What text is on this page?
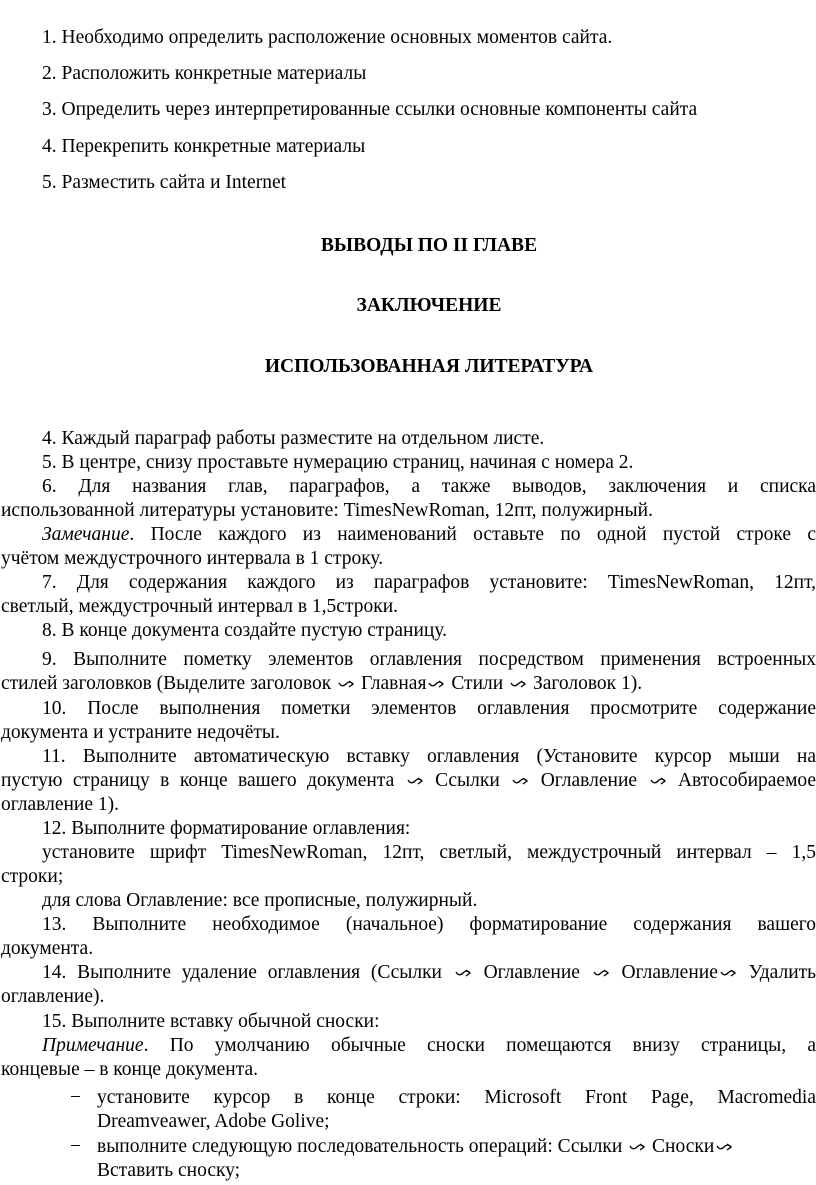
1. Необходимо определить расположение основных моментов сайта.
2. Расположить конкретные материалы
3. Определить через интерпретированные ссылки основные компоненты сайта
4. Перекрепить конкретные материалы
5. Разместить сайта и Internet
ВЫВОДЫ ПО II ГЛАВЕ
ЗАКЛЮЧЕНИЕ
ИСПОЛЬЗОВАННАЯ ЛИТЕРАТУРА
4. Каждый параграф работы разместите на отдельном листе.
5. В центре, снизу проставьте нумерацию страниц, начиная с номера 2.
6. Для названия глав, параграфов, а также выводов, заключения и списка
использованной литературы установите: TimesNewRoman, 12пт, полужирный.
Замечание. После каждого из наименований оставьте по одной пустой строке с
учётом междустрочного интервала в 1 строку.
7. Для содержания каждого из параграфов установите: TimesNewRoman, 12пт,
светлый, междустрочный интервал в 1,5строки.
8. В конце документа создайте пустую страницу.
9. Выполните пометку элементов оглавления посредством применения встроенных
стилей заголовков (Выделите заголовок Главная Стили Заголовок 1).
10. После выполнения пометки элементов оглавления просмотрите содержание
документа и устраните недочёты.
11. Выполните автоматическую вставку оглавления (Установите курсор мыши на
пустую страницу в конце вашего документа Ссылки Оглавление Автособираемое
оглавление 1).
12. Выполните форматирование оглавления:
установите шрифт TimesNewRoman, 12пт, светлый, междустрочный интервал – 1,5
строки;
для слова Оглавление: все прописные, полужирный.
13. Выполните необходимое (начальное) форматирование содержания вашего
документа.
14. Выполните удаление оглавления (Ссылки Оглавление Оглавление Удалить
оглавление).
15. Выполните вставку обычной сноски:
Примечание. По умолчанию обычные сноски помещаются внизу страницы, а
концевые – в конце документа.
− установите курсор в конце строки: Microsoft Front Page, Macromedia
Dreamveawer, Adobe Golive;
− выполните следующую последовательность операций: Ссылки Сноски
Вставить сноску;
